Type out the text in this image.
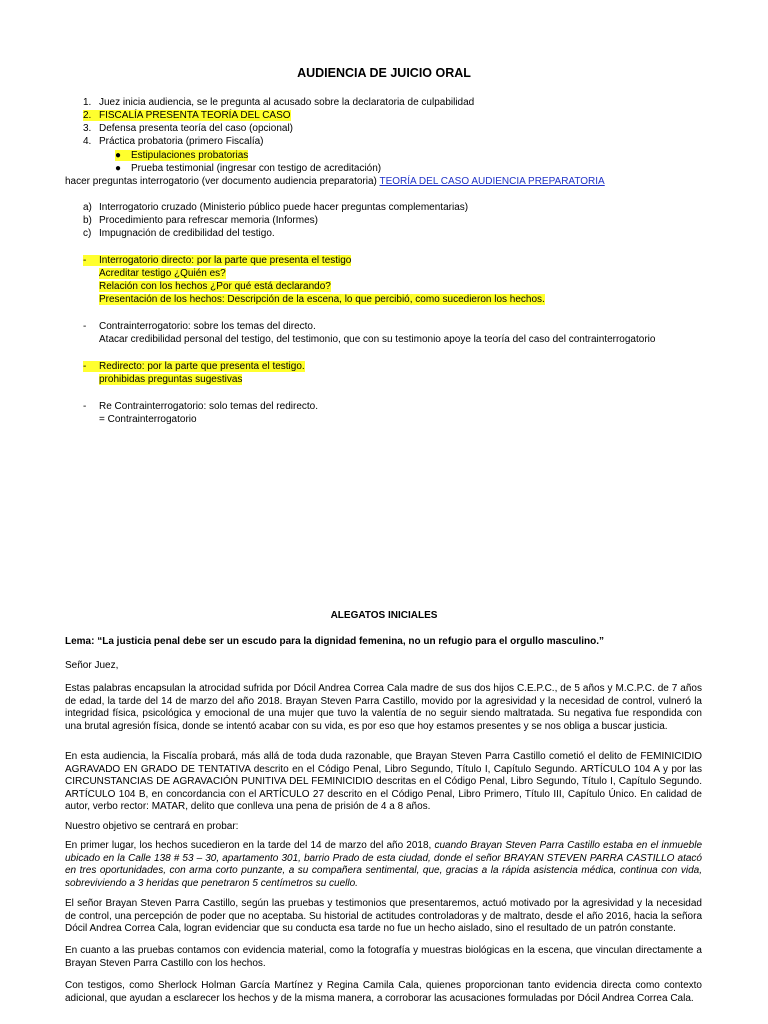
AUDIENCIA DE JUICIO ORAL
1. Juez inicia audiencia, se le pregunta al acusado sobre la declaratoria de culpabilidad
2. FISCALÍA PRESENTA TEORÍA DEL CASO
3. Defensa presenta teoría del caso (opcional)
4. Práctica probatoria (primero Fiscalía)
● Estipulaciones probatorias
● Prueba testimonial (ingresar con testigo de acreditación)
hacer preguntas interrogatorio (ver documento audiencia preparatoria) TEORÍA DEL CASO AUDIENCIA PREPARATORIA
a) Interrogatorio cruzado (Ministerio público puede hacer preguntas complementarias)
b) Procedimiento para refrescar memoria (Informes)
c) Impugnación de credibilidad del testigo.
- Interrogatorio directo: por la parte que presenta el testigo
Acreditar testigo ¿Quién es?
Relación con los hechos ¿Por qué está declarando?
Presentación de los hechos: Descripción de la escena, lo que percibió, como sucedieron los hechos.
- Contrainterrogatorio: sobre los temas del directo.
Atacar credibilidad personal del testigo, del testimonio, que con su testimonio apoye la teoría del caso del contrainterrogatorio
- Redirecto: por la parte que presenta el testigo.
prohibidas preguntas sugestivas
- Re Contrainterrogatorio: solo temas del redirecto.
= Contrainterrogatorio
ALEGATOS INICIALES
Lema: “La justicia penal debe ser un escudo para la dignidad femenina, no un refugio para el orgullo masculino.”
Señor Juez,
Estas palabras encapsulan la atrocidad sufrida por Dócil Andrea Correa Cala madre de sus dos hijos C.E.P.C., de 5 años y M.C.P.C. de 7 años de edad, la tarde del 14 de marzo del año 2018. Brayan Steven Parra Castillo, movido por la agresividad y la necesidad de control, vulneró la integridad física, psicológica y emocional de una mujer que tuvo la valentía de no seguir siendo maltratada. Su negativa fue respondida con una brutal agresión física, donde se intentó acabar con su vida, es por eso que hoy estamos presentes y se nos obliga a buscar justicia.
En esta audiencia, la Fiscalía probará, más allá de toda duda razonable, que Brayan Steven Parra Castillo cometió el delito de FEMINICIDIO AGRAVADO EN GRADO DE TENTATIVA descrito en el Código Penal, Libro Segundo, Título I, Capítulo Segundo. ARTÍCULO 104 A y por las CIRCUNSTANCIAS DE AGRAVACIÓN PUNITIVA DEL FEMINICIDIO descritas en el Código Penal, Libro Segundo, Título I, Capítulo Segundo. ARTÍCULO 104 B, en concordancia con el ARTÍCULO 27 descrito en el Código Penal, Libro Primero, Título III, Capítulo Único. En calidad de autor, verbo rector: MATAR, delito que conlleva una pena de prisión de 4 a 8 años.
Nuestro objetivo se centrará en probar:
En primer lugar, los hechos sucedieron en la tarde del 14 de marzo del año 2018, cuando Brayan Steven Parra Castillo estaba en el inmueble ubicado en la Calle 138 # 53 – 30, apartamento 301, barrio Prado de esta ciudad, donde el señor BRAYAN STEVEN PARRA CASTILLO atacó en tres oportunidades, con arma corto punzante, a su compañera sentimental, que, gracias a la rápida asistencia médica, continua con vida, sobreviviendo a 3 heridas que penetraron 5 centímetros su cuello.
El señor Brayan Steven Parra Castillo, según las pruebas y testimonios que presentaremos, actuó motivado por la agresividad y la necesidad de control, una percepción de poder que no aceptaba. Su historial de actitudes controladoras y de maltrato, desde el año 2016, hacia la señora Dócil Andrea Correa Cala, logran evidenciar que su conducta esa tarde no fue un hecho aislado, sino el resultado de un patrón constante.
En cuanto a las pruebas contamos con evidencia material, como la fotografía y muestras biológicas en la escena, que vinculan directamente a Brayan Steven Parra Castillo con los hechos.
Con testigos, como Sherlock Holman García Martínez y Regina Camila Cala, quienes proporcionan tanto evidencia directa como contexto adicional, que ayudan a esclarecer los hechos y de la misma manera, a corroborar las acusaciones formuladas por Dócil Andrea Correa Cala.
